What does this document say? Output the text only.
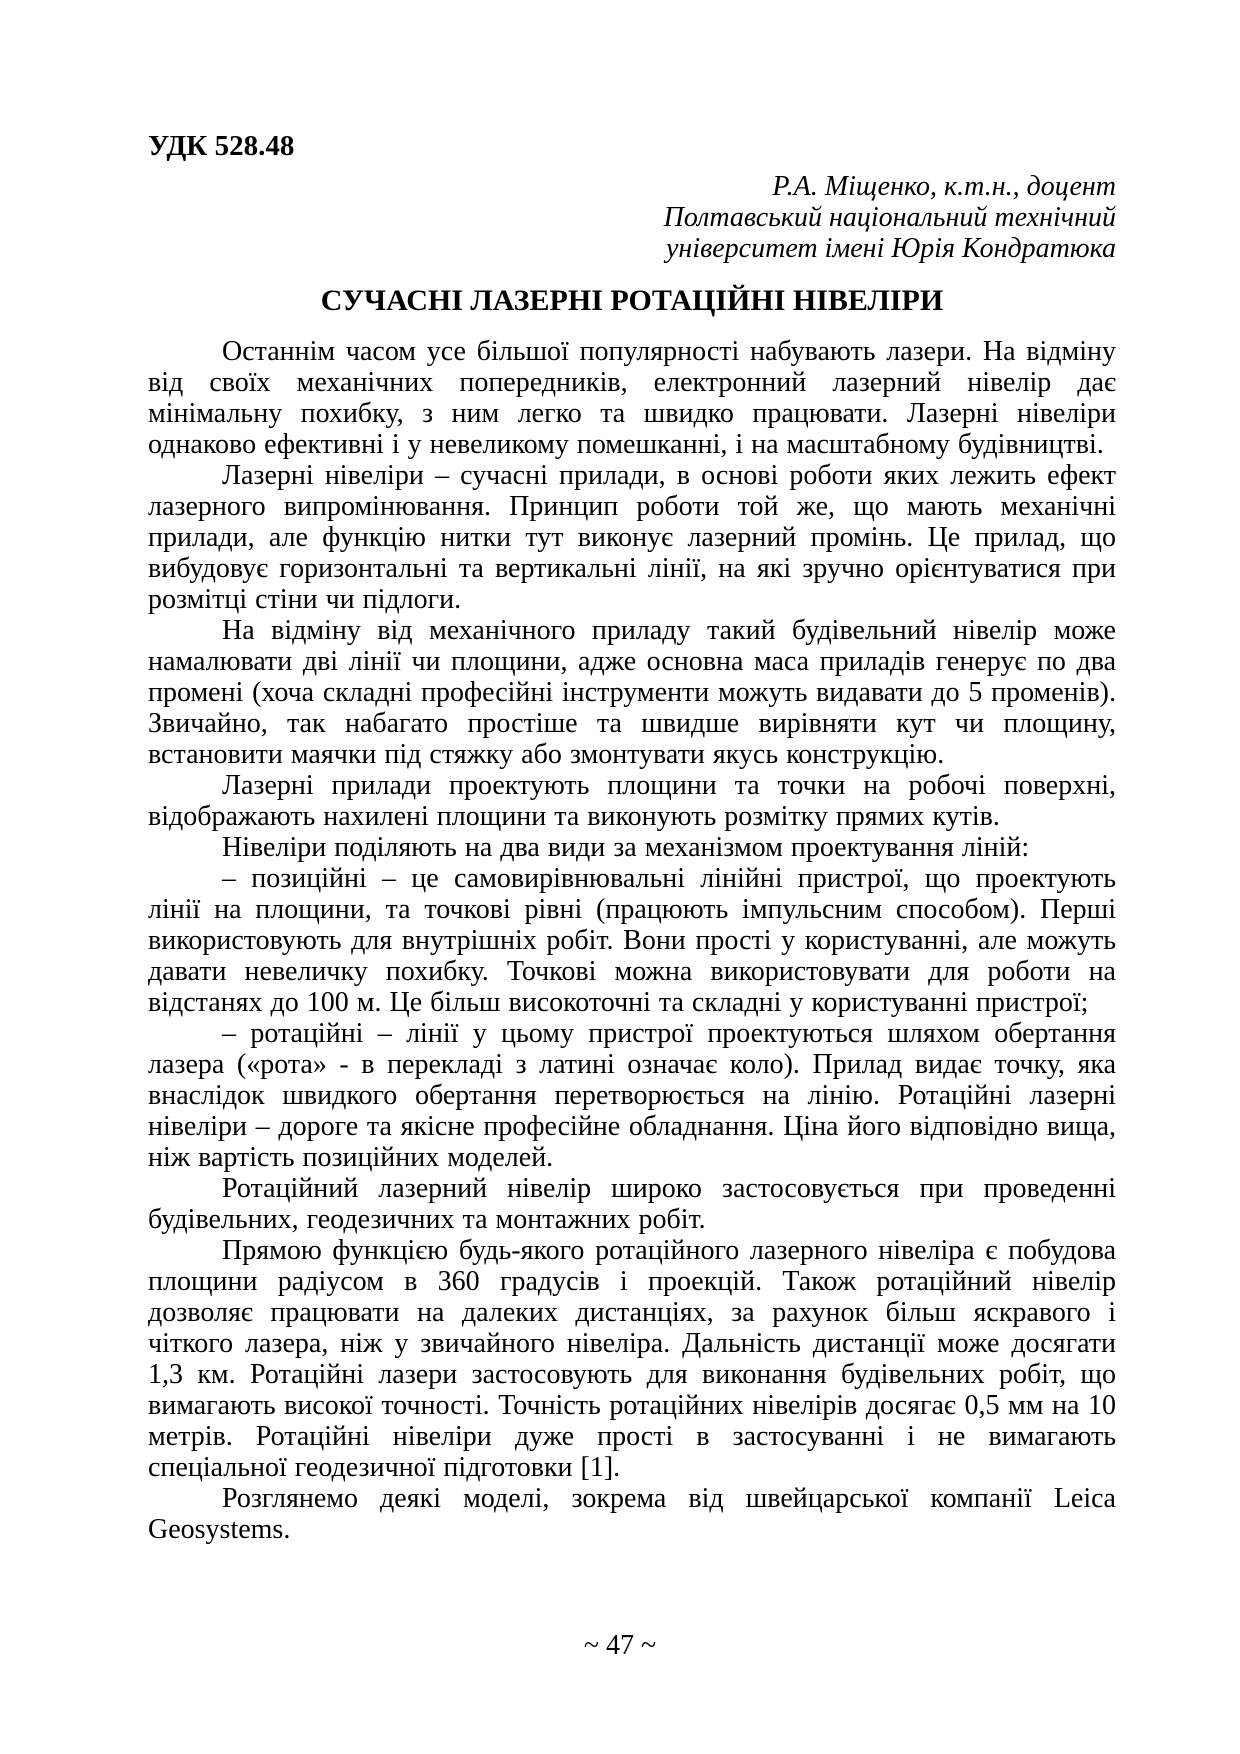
УДК 528.48
Р.А. Міщенко, к.т.н., доцент
Полтавський національний технічний
університет імені Юрія Кондратюка
СУЧАСНІ ЛАЗЕРНІ РОТАЦІЙНІ НІВЕЛІРИ

Останнім часом усе більшої популярності набувають лазери. На відміну від своїх механічних попередників, електронний лазерний нівелір дає мінімальну похибку, з ним легко та швидко працювати. Лазерні нівеліри однаково ефективні і у невеликому помешканні, і на масштабному будівництві.

Лазерні нівеліри – сучасні прилади, в основі роботи яких лежить ефект лазерного випромінювання. Принцип роботи той же, що мають механічні прилади, але функцію нитки тут виконує лазерний промінь. Це прилад, що вибудовує горизонтальні та вертикальні лінії, на які зручно орієнтуватися при розмітці стіни чи підлоги.

На відміну від механічного приладу такий будівельний нівелір може намалювати дві лінії чи площини, адже основна маса приладів генерує по два промені (хоча складні професійні інструменти можуть видавати до 5 променів). Звичайно, так набагато простіше та швидше вирівняти кут чи площину, встановити маячки під стяжку або змонтувати якусь конструкцію.

Лазерні прилади проектують площини та точки на робочі поверхні, відображають нахилені площини та виконують розмітку прямих кутів.

Нівеліри поділяють на два види за механізмом проектування ліній:

– позиційні – це самовирівнювальні лінійні пристрої, що проектують лінії на площини, та точкові рівні (працюють імпульсним способом). Перші використовують для внутрішніх робіт. Вони прості у користуванні, але можуть давати невеличку похибку. Точкові можна використовувати для роботи на відстанях до 100 м. Це більш високоточні та складні у користуванні пристрої;

– ротаційні – лінії у цьому пристрої проектуються шляхом обертання лазера («рота» - в перекладі з латині означає коло). Прилад видає точку, яка внаслідок швидкого обертання перетворюється на лінію. Ротаційні лазерні нівеліри – дороге та якісне професійне обладнання. Ціна його відповідно вища, ніж вартість позиційних моделей.

Ротаційний лазерний нівелір широко застосовується при проведенні будівельних, геодезичних та монтажних робіт.

Прямою функцією будь-якого ротаційного лазерного нівеліра є побудова площини радіусом в 360 градусів і проекцій. Також ротаційний нівелір дозволяє працювати на далеких дистанціях, за рахунок більш яскравого і чіткого лазера, ніж у звичайного нівеліра. Дальність дистанції може досягати 1,3 км. Ротаційні лазери застосовують для виконання будівельних робіт, що вимагають високої точності. Точність ротаційних нівелірів досягає 0,5 мм на 10 метрів. Ротаційні нівеліри дуже прості в застосуванні і не вимагають спеціальної геодезичної підготовки [1].

Розглянемо деякі моделі, зокрема від швейцарської компанії Leica Geosystems.

~ 47 ~
